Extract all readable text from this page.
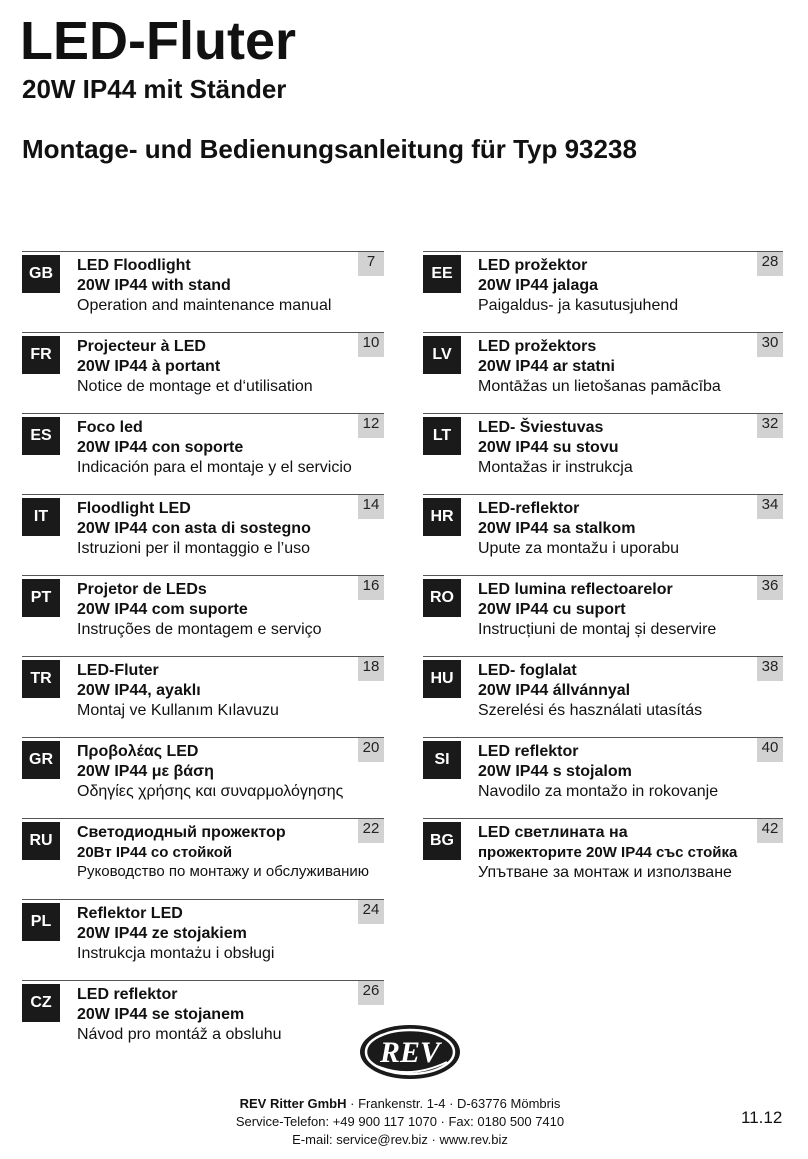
LED-Fluter
20W IP44 mit Ständer
Montage- und Bedienungsanleitung für Typ 93238
GB	LED Floodlight
20W IP44 with stand
Operation and maintenance manual
7
FR	Projecteur à LED
20W IP44 à portant
Notice de montage et d‘utilisation
10
ES	Foco led
20W IP44 con soporte
Indicación para el montaje y el servicio
12
IT	Floodlight LED
20W IP44 con asta di sostegno
Istruzioni per il montaggio e l’uso
14
PT	Projetor de LEDs
20W IP44 com suporte
Instruções de montagem e serviço
16
TR	LED-Fluter
20W IP44, ayaklı
Montaj ve Kullanım Kılavuzu
18
GR	Προβολέας LED
20W IP44 με βάση
Οδηγίες χρήσης και συναρμολόγησης
20
RU	Светодиодный прожектор
20Вт IP44 со стойкой
Руководство по монтажу и обслуживанию
22
PL	Reflektor LED
20W IP44 ze stojakiem
Instrukcja montażu i obsługi
24
CZ	LED reflektor
20W IP44 se stojanem
Návod pro montáž a obsluhu
26
EE	LED prožektor
20W IP44 jalaga
Paigaldus- ja kasutusjuhend
28
LV	LED prožektors
20W IP44 ar statni
Montāžas un lietošanas pamācība
30
LT	LED- Šviestuvas
20W IP44 su stovu
Montažas ir instrukcja
32
HR	LED-reflektor
20W IP44 sa stalkom
Upute za montažu i uporabu
34
RO	LED lumina reflectoarelor
20W IP44 cu suport
Instrucțiuni de montaj și deservire
36
HU	LED- foglalat
20W IP44 állvánnyal
Szerelési és használati utasítás
38
SI	LED reflektor
20W IP44 s stojalom
Navodilo za montažo in rokovanje
40
BG	LED светлината на
прожекторите 20W IP44 със стойка
Упътване за монтаж и използване
42
REV
REV Ritter GmbH · Frankenstr. 1-4 · D-63776 Mömbris
Service-Telefon: +49 900 117 1070 · Fax: 0180 500 7410
E-mail: service@rev.biz · www.rev.biz
11.12
